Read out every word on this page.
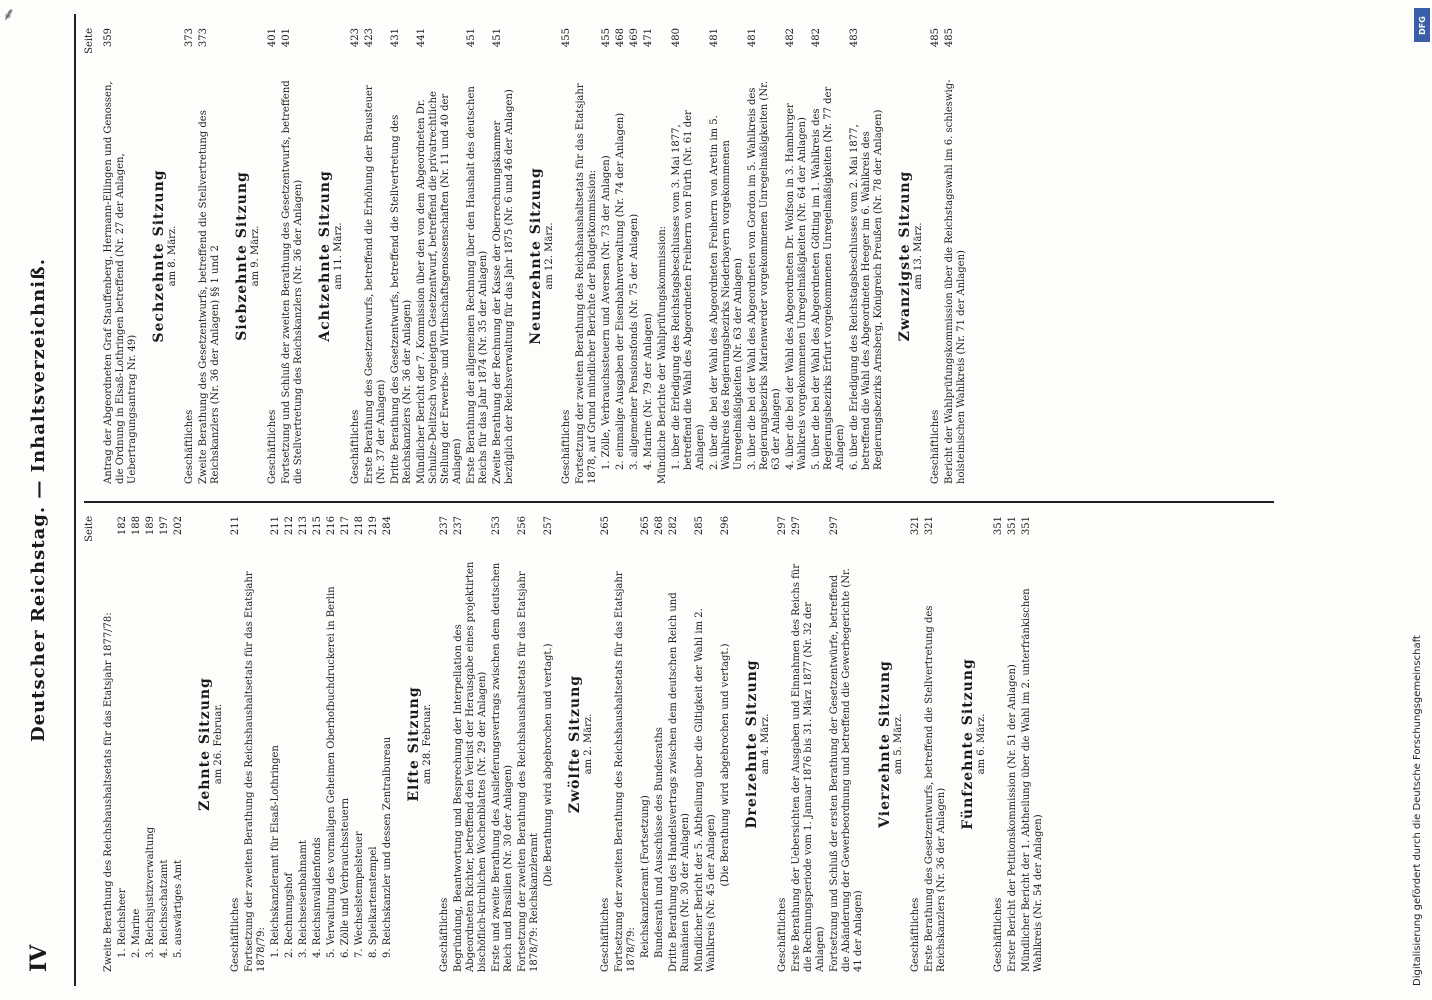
⸙
IV
Deutscher Reichstag. — Inhaltsverzeichniß.	Seite
Zweite Berathung des Reichshaushaltsetats für das Etatsjahr 1877/78: 1. Reichsheer
182
2. Marine
188
3. Reichsjustizverwaltung
189
4. Reichsschatzamt
197
5. auswärtiges Amt
202
Zehnte Sitzung am 26. Februar.
Geschäftliches
211
Fortsetzung der zweiten Berathung des Reichshaushaltsetats für das Etatsjahr 1878/79: 1. Reichskanzleramt für Elsaß-Lothringen
211
2. Rechnungshof
212
3. Reichseisenbahnamt
213
4. Reichsinvalidenfonds
215
5. Verwaltung des vormaligen Geheimen Oberhofbuchdruckerei in Berlin
216
6. Zölle und Verbrauchssteuern
217
7. Wechselstempelsteuer
218
8. Spielkartenstempel
219
9. Reichskanzler und dessen Zentralbureau
284
Elfte Sitzung am 28. Februar.
Geschäftliches
237
Begründung, Beantwortung und Besprechung der Interpellation des Abgeordneten Richter, betreffend den Verlust der Herausgabe eines projektirten bischöflich-kirchlichen Wochenblattes (Nr. 29 der Anlagen)
237
Erste und zweite Berathung des Auslieferungsvertrags zwischen dem deutschen Reich und Brasilien (Nr. 30 der Anlagen)
253
Fortsetzung der zweiten Berathung des Reichshaushaltsetats für das Etatsjahr 1878/79: Reichskanzleramt
256
(Die Berathung wird abgebrochen und vertagt.)
257
Zwölfte Sitzung am 2. März.
Geschäftliches
265
Fortsetzung der zweiten Berathung des Reichshaushaltsetats für das Etatsjahr 1878/79: Reichskanzleramt (Fortsetzung)
265
Bundesrath und Ausschüsse des Bundesraths
268
Dritte Berathung des Handelsvertrags zwischen dem deutschen Reich und Rumänien (Nr. 30 der Anlagen)
282
Mündlicher Bericht der 5. Abtheilung über die Giltigkeit der Wahl im 2. Wahlkreis (Nr. 45 der Anlagen)
285
(Die Berathung wird abgebrochen und vertagt.)
296
Dreizehnte Sitzung am 4. März.
Geschäftliches
297
Erste Berathung der Uebersichten der Ausgaben und Einnahmen des Reichs für die Rechnungsperiode vom 1. Januar 1876 bis 31. März 1877 (Nr. 32 der Anlagen)
297
Fortsetzung und Schluß der ersten Berathung der Gesetzentwürfe, betreffend die Abänderung der Gewerbeordnung und betreffend die Gewerbegerichte (Nr. 41 der Anlagen)
297
Vierzehnte Sitzung am 5. März.
Geschäftliches
321
Erste Berathung des Gesetzentwurfs, betreffend die Stellvertretung des Reichskanzlers (Nr. 36 der Anlagen)
321
Fünfzehnte Sitzung am 6. März.
Geschäftliches
351
Erster Bericht der Petitionskommission (Nr. 51 der Anlagen)
351
Mündlicher Bericht der 1. Abtheilung über die Wahl im 2. unterfränkischen Wahlkreis (Nr. 54 der Anlagen)
351
Seite
Antrag der Abgeordneten Graf Stauffenberg, Hermann-Ellingen und Genossen, die Ordnung in Elsaß-Lothringen betreffend (Nr. 27 der Anlagen, Uebertragungsantrag Nr. 49)
359
Sechzehnte Sitzung am 8. März.
Geschäftliches
373
Zweite Berathung des Gesetzentwurfs, betreffend die Stellvertretung des Reichskanzlers (Nr. 36 der Anlagen) §§ 1 und 2
373
Siebzehnte Sitzung am 9. März.
Geschäftliches
401
Fortsetzung und Schluß der zweiten Berathung des Gesetzentwurfs, betreffend die Stellvertretung des Reichskanzlers (Nr. 36 der Anlagen)
401
Achtzehnte Sitzung am 11. März.
Geschäftliches
423
Erste Berathung des Gesetzentwurfs, betreffend die Erhöhung der Brausteuer (Nr. 37 der Anlagen)
423
Dritte Berathung des Gesetzentwurfs, betreffend die Stellvertretung des Reichskanzlers (Nr. 36 der Anlagen)
431
Mündlicher Bericht der 7. Kommission über den von dem Abgeordneten Dr. Schulze-Delitzsch vorgelegten Gesetzentwurf, betreffend die privatrechtliche Stellung der Erwerbs- und Wirthschaftsgenossenschaften (Nr. 11 und 40 der Anlagen)
441
Erste Berathung der allgemeinen Rechnung über den Haushalt des deutschen Reichs für das Jahr 1874 (Nr. 35 der Anlagen)
451
Zweite Berathung der Rechnung der Kasse der Oberrechnungskammer bezüglich der Reichsverwaltung für das Jahr 1875 (Nr. 6 und 46 der Anlagen)
451
Neunzehnte Sitzung am 12. März.
Geschäftliches
455
Fortsetzung der zweiten Berathung des Reichshaushaltsetats für das Etatsjahr 1878, auf Grund mündlicher Berichte der Budgetkommission: 1. Zölle, Verbrauchssteuern und Aversen (Nr. 73 der Anlagen)
455
2. einmalige Ausgaben der Eisenbahnverwaltung (Nr. 74 der Anlagen)
468
3. allgemeiner Pensionsfonds (Nr. 75 der Anlagen)
469
4. Marine (Nr. 79 der Anlagen)
471
Mündliche Berichte der Wahlprüfungskommission: 1. über die Erledigung des Reichstagsbeschlusses vom 3. Mai 1877, betreffend die Wahl des Abgeordneten Freiherrn von Fürth (Nr. 61 der Anlagen)
480
2. über die bei der Wahl des Abgeordneten Freiherrn von Aretin im 5. Wahlkreis des Regierungsbezirks Niederbayern vorgekommenen Unregelmäßigkeiten (Nr. 63 der Anlagen)
481
3. über die bei der Wahl des Abgeordneten von Gordon im 5. Wahlkreis des Regierungsbezirks Marienwerder vorgekommenen Unregelmäßigkeiten (Nr. 63 der Anlagen)
481
4. über die bei der Wahl des Abgeordneten Dr. Wolfson in 3. Hamburger Wahlkreis vorgekommenen Unregelmäßigkeiten (Nr. 64 der Anlagen)
482
5. über die bei der Wahl des Abgeordneten Götting im 1. Wahlkreis des Regierungsbezirks Erfurt vorgekommenen Unregelmäßigkeiten (Nr. 77 der Anlagen)
482
6. über die Erledigung des Reichstagsbeschlusses vom 2. Mai 1877, betreffend die Wahl des Abgeordneten Heeger im 6. Wahlkreis des Regierungsbezirks Arnsberg, Königreich Preußen (Nr. 78 der Anlagen)
483
Zwanzigste Sitzung am 13. März.
Geschäftliches
485
Bericht der Wahlprüfungskommission über die Reichstagswahl im 6. schleswig-holsteinischen Wahlkreis (Nr. 71 der Anlagen)
485
DFG
Digitalisierung gefördert durch die Deutsche Forschungsgemeinschaft
